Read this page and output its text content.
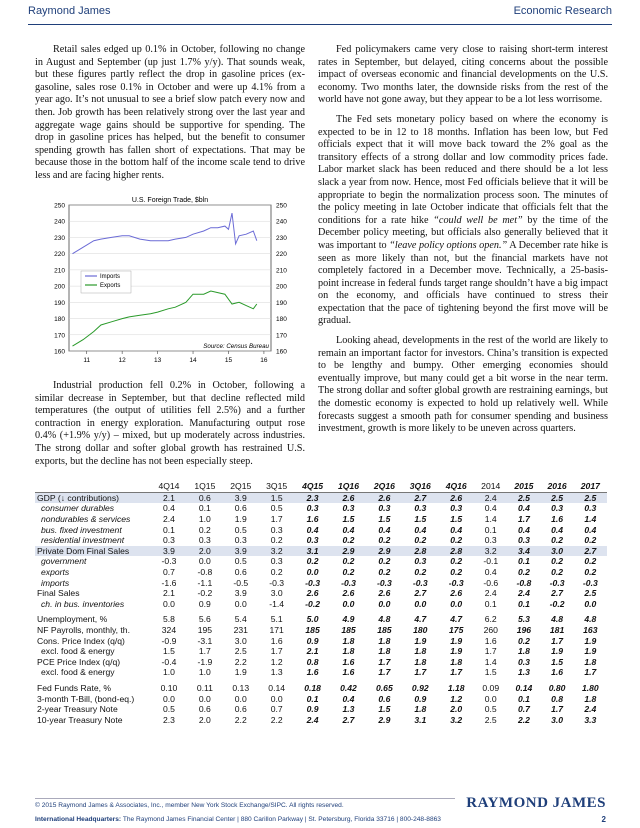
Raymond James	Economic Research

Retail sales edged up 0.1% in October, following no change in August and September (up just 1.7% y/y). That sounds weak, but these figures partly reflect the drop in gasoline prices (ex-gasoline, sales rose 0.1% in October and were up 4.1% from a year ago. It’s not unusual to see a brief slow patch every now and then. Job growth has been relatively strong over the last year and aggregate wage gains should be supportive for spending. The drop in gasoline prices has helped, but the benefit to consumer spending growth has fallen short of expectations. That may be because those in the bottom half of the income scale tend to drive less and are facing higher rents.

160	160
170	170
180	180
190	190
200	200
210	210
220	220
230	230
240	240
250	250
11	12	13	14	15	16
U.S. Foreign Trade, $bln
Imports
Exports
Source: Census Bureau

Industrial production fell 0.2% in October, following a similar decrease in September, but that decline reflected mild temperatures (the output of utilities fell 2.5%) and a further contraction in energy exploration. Manufacturing output rose 0.4% (+1.9% y/y) – mixed, but up moderately across industries. The strong dollar and softer global growth has restrained U.S. exports, but the decline has not been especially steep.

Fed policymakers came very close to raising short-term interest rates in September, but delayed, citing concerns about the possible impact of overseas economic and financial developments on the U.S. economy. Two months later, the downside risks from the rest of the world have not gone away, but they appear to be a lot less worrisome.

The Fed sets monetary policy based on where the economy is expected to be in 12 to 18 months. Inflation has been low, but Fed officials expect that it will move back toward the 2% goal as the transitory effects of a strong dollar and low commodity prices fade. Labor market slack has been reduced and there should be a lot less slack a year from now. Hence, most Fed officials believe that it will be appropriate to begin the normalization process soon. The minutes of the policy meeting in late October indicate that officials felt that the conditions for a rate hike “could well be met” by the time of the December policy meeting, but officials also generally believed that it was important to “leave policy options open.” A December rate hike is seen as more likely than not, but the financial markets have not completely factored in a December move. Technically, a 25-basis-point increase in federal funds target range shouldn’t have a big impact on the economy, and officials have continued to stress their expectation that the pace of tightening beyond the first move will be gradual.

Looking ahead, developments in the rest of the world are likely to remain an important factor for investors. China’s transition is expected to be lengthy and bumpy. Other emerging economies should eventually improve, but many could get a bit worse in the near term. The strong dollar and softer global growth are restraining earnings, but the domestic economy is expected to hold up relatively well. While forecasts suggest a smooth path for consumer spending and business investment, growth is more likely to be uneven across quarters.

	4Q14	1Q15	2Q15	3Q15	4Q15	1Q16	2Q16	3Q16	4Q16	2014	2015	2016	2017
GDP (↓ contributions)	2.1	0.6	3.9	1.5	2.3	2.6	2.6	2.7	2.6	2.4	2.5	2.5	2.5
consumer durables	0.4	0.1	0.6	0.5	0.3	0.3	0.3	0.3	0.3	0.4	0.4	0.3	0.3
nondurables & services	2.4	1.0	1.9	1.7	1.6	1.5	1.5	1.5	1.5	1.4	1.7	1.6	1.4
bus. fixed investment	0.1	0.2	0.5	0.3	0.4	0.4	0.4	0.4	0.4	0.1	0.4	0.4	0.4
residential investment	0.3	0.3	0.3	0.2	0.3	0.2	0.2	0.2	0.2	0.3	0.3	0.2	0.2
Private Dom Final Sales	3.9	2.0	3.9	3.2	3.1	2.9	2.9	2.8	2.8	3.2	3.4	3.0	2.7
government	-0.3	0.0	0.5	0.3	0.2	0.2	0.2	0.3	0.2	-0.1	0.1	0.2	0.2
exports	0.7	-0.8	0.6	0.2	0.0	0.2	0.2	0.2	0.2	0.4	0.2	0.2	0.2
imports	-1.6	-1.1	-0.5	-0.3	-0.3	-0.3	-0.3	-0.3	-0.3	-0.6	-0.8	-0.3	-0.3
Final Sales	2.1	-0.2	3.9	3.0	2.6	2.6	2.6	2.7	2.6	2.4	2.4	2.7	2.5
ch. in bus. inventories	0.0	0.9	0.0	-1.4	-0.2	0.0	0.0	0.0	0.0	0.1	0.1	-0.2	0.0

Unemployment, %	5.8	5.6	5.4	5.1	5.0	4.9	4.8	4.7	4.7	6.2	5.3	4.8	4.8
NF Payrolls, monthly, th.	324	195	231	171	185	185	185	180	175	260	196	181	163
Cons. Price Index (q/q)	-0.9	-3.1	3.0	1.6	0.9	1.8	1.8	1.9	1.9	1.6	0.2	1.7	1.9
excl. food & energy	1.5	1.7	2.5	1.7	2.1	1.8	1.8	1.8	1.9	1.7	1.8	1.9	1.9
PCE Price Index (q/q)	-0.4	-1.9	2.2	1.2	0.8	1.6	1.7	1.8	1.8	1.4	0.3	1.5	1.8
excl. food & energy	1.0	1.0	1.9	1.3	1.6	1.6	1.7	1.7	1.7	1.5	1.3	1.6	1.7

Fed Funds Rate, %	0.10	0.11	0.13	0.14	0.18	0.42	0.65	0.92	1.18	0.09	0.14	0.80	1.80
3-month T-Bill, (bond-eq.)	0.0	0.0	0.0	0.0	0.1	0.4	0.6	0.9	1.2	0.0	0.1	0.8	1.8
2-year Treasury Note	0.5	0.6	0.6	0.7	0.9	1.3	1.5	1.8	2.0	0.5	0.7	1.7	2.4
10-year Treasury Note	2.3	2.0	2.2	2.2	2.4	2.7	2.9	3.1	3.2	2.5	2.2	3.0	3.3
© 2015 Raymond James & Associates, Inc., member New York Stock Exchange/SIPC. All rights reserved.
International Headquarters: The Raymond James Financial Center | 880 Carillon Parkway | St. Petersburg, Florida 33716 | 800-248-8863
RAYMOND JAMES
2
